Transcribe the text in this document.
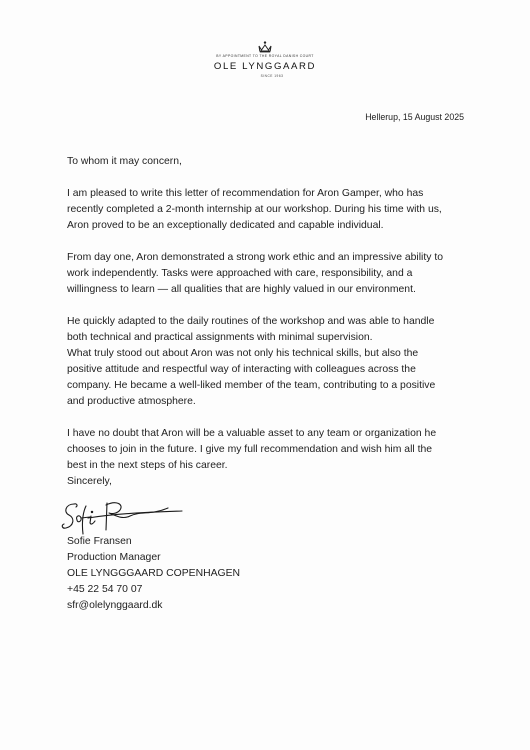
BY APPOINTMENT TO THE ROYAL DANISH COURT
OLE LYNGGAARD
SINCE 1963
Hellerup, 15 August 2025
To whom it may concern,
I am pleased to write this letter of recommendation for Aron Gamper, who has
recently completed a 2-month internship at our workshop. During his time with us,
Aron proved to be an exceptionally dedicated and capable individual.
From day one, Aron demonstrated a strong work ethic and an impressive ability to
work independently. Tasks were approached with care, responsibility, and a
willingness to learn — all qualities that are highly valued in our environment.
He quickly adapted to the daily routines of the workshop and was able to handle
both technical and practical assignments with minimal supervision.
What truly stood out about Aron was not only his technical skills, but also the
positive attitude and respectful way of interacting with colleagues across the
company. He became a well-liked member of the team, contributing to a positive
and productive atmosphere.
I have no doubt that Aron will be a valuable asset to any team or organization he
chooses to join in the future. I give my full recommendation and wish him all the
best in the next steps of his career.
Sincerely,
Sofie Fransen
Production Manager
OLE LYNGGGAARD COPENHAGEN
+45 22 54 70 07
sfr@olelynggaard.dk
